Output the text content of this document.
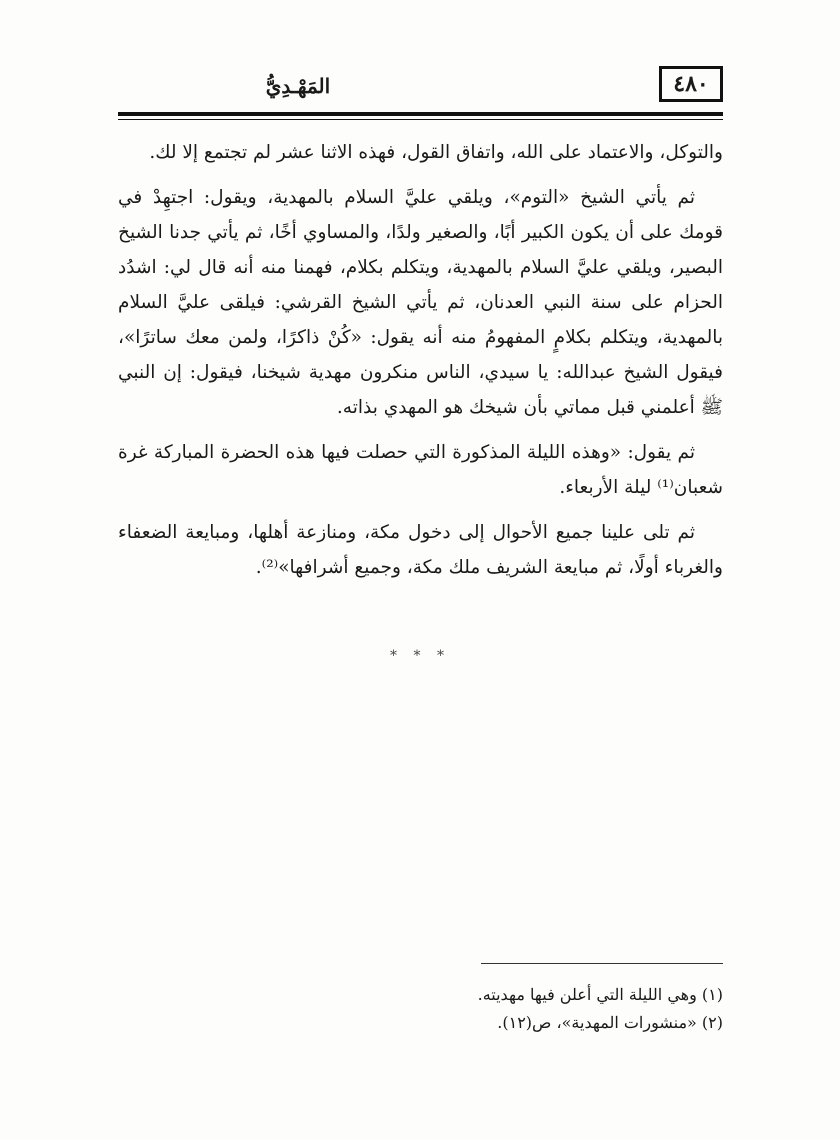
٤٨٠
المَهْـدِيُّ

والتوكل، والاعتماد على الله، واتفاق القول، فهذه الاثنا عشر لم تجتمع إلا لك.

ثم يأتي الشيخ «التوم»، ويلقي عليَّ السلام بالمهدية، ويقول: اجتهِدْ في قومك على أن يكون الكبير أبًا، والصغير ولدًا، والمساوي أخًا، ثم يأتي جدنا الشيخ البصير، ويلقي عليَّ السلام بالمهدية، ويتكلم بكلام، فهمنا منه أنه قال لي: اشدُد الحزام على سنة النبي العدنان، ثم يأتي الشيخ القرشي: فيلقى عليَّ السلام بالمهدية، ويتكلم بكلامٍ المفهومُ منه أنه يقول: «كُنْ ذاكرًا، ولمن معك ساترًا»، فيقول الشيخ عبدالله: يا سيدي، الناس منكرون مهدية شيخنا، فيقول: إن النبي ﷺ أعلمني قبل مماتي بأن شيخك هو المهدي بذاته.

ثم يقول: «وهذه الليلة المذكورة التي حصلت فيها هذه الحضرة المباركة غرة شعبان⁽¹⁾ ليلة الأربعاء.

ثم تلى علينا جميع الأحوال إلى دخول مكة، ومنازعة أهلها، ومبايعة الضعفاء والغرباء أولًا، ثم مبايعة الشريف ملك مكة، وجميع أشرافها»⁽²⁾.

* * *
(١) وهي الليلة التي أعلن فيها مهديته.
(٢) «منشورات المهدية»، ص(١٢).
